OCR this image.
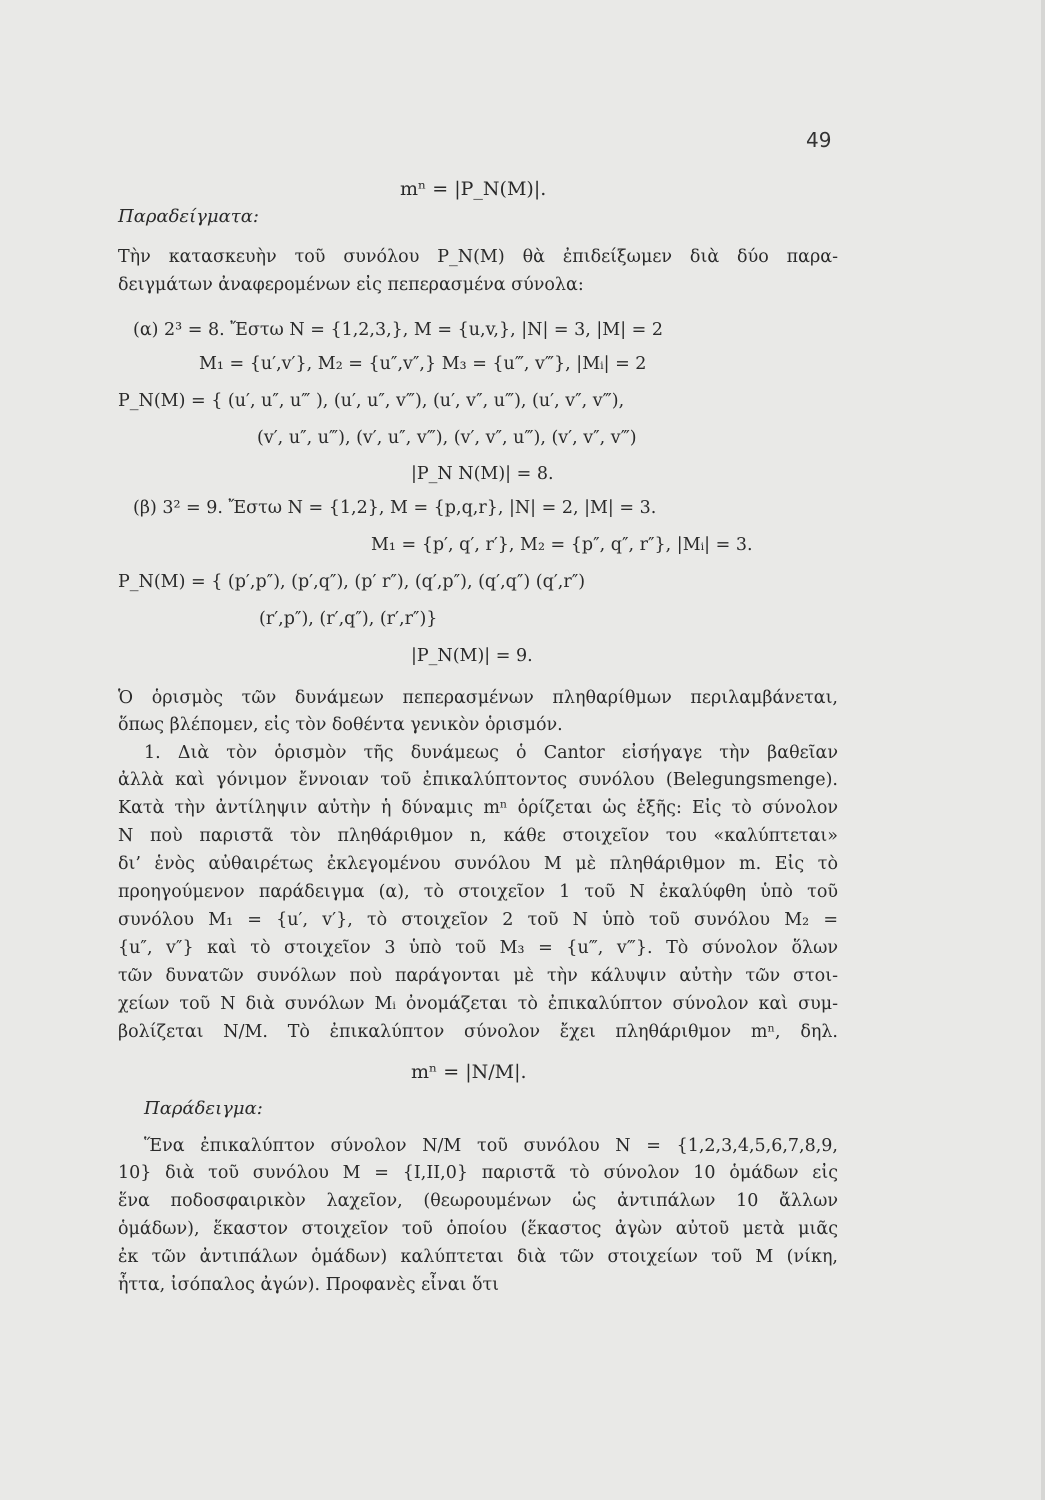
49
mⁿ = |P_N(M)|.
Παραδείγματα:
Τὴν κατασκευὴν τοῦ συνόλου P_N(M) θὰ ἐπιδείξωμεν διὰ δύο παρα-
δειγμάτων ἀναφερομένων εἰς πεπερασμένα σύνολα:
(α) 2³ = 8. Ἔστω N = {1,2,3,}, M = {u,v,}, |N| = 3, |M| = 2
M₁ = {u′,v′}, M₂ = {u″,v″,} M₃ = {u‴, v‴}, |Mᵢ| = 2
P_N(M) = { (u′, u″, u‴ ), (u′, u″, v‴), (u′, v″, u‴), (u′, v″, v‴),
(v′, u″, u‴), (v′, u″, v‴), (v′, v″, u‴), (v′, v″, v‴)
|P_N N(M)| = 8.
(β) 3² = 9. Ἔστω N = {1,2}, M = {p,q,r}, |N| = 2, |M| = 3.
M₁ = {p′, q′, r′}, M₂ = {p″, q″, r″}, |Mᵢ| = 3.
P_N(M) = { (p′,p″), (p′,q″), (p′ r″), (q′,p″), (q′,q″) (q′,r″)
(r′,p″), (r′,q″), (r′,r″)}
|P_N(M)| = 9.
Ὁ ὁρισμὸς τῶν δυνάμεων πεπερασμένων πληθαρίθμων περιλαμβάνεται,
ὅπως βλέπομεν, εἰς τὸν δοθέντα γενικὸν ὁρισμόν.
1. Διὰ τὸν ὁρισμὸν τῆς δυνάμεως ὁ Cantor εἰσήγαγε τὴν βαθεῖαν
ἀλλὰ καὶ γόνιμον ἔννοιαν τοῦ ἐπικαλύπτοντος συνόλου (Belegungsmenge).
Κατὰ τὴν ἀντίληψιν αὐτὴν ἡ δύναμις mⁿ ὁρίζεται ὡς ἑξῆς: Εἰς τὸ σύνολον
N ποὺ παριστᾶ τὸν πληθάριθμον n, κάθε στοιχεῖον του «καλύπτεται»
δι’ ἑνὸς αὐθαιρέτως ἐκλεγομένου συνόλου M μὲ πληθάριθμον m. Εἰς τὸ
προηγούμενον παράδειγμα (α), τὸ στοιχεῖον 1 τοῦ N ἐκαλύφθη ὑπὸ τοῦ
συνόλου M₁ = {u′, v′}, τὸ στοιχεῖον 2 τοῦ N ὑπὸ τοῦ συνόλου M₂ =
{u″, v″} καὶ τὸ στοιχεῖον 3 ὑπὸ τοῦ M₃ = {u‴, v‴}. Τὸ σύνολον ὅλων
τῶν δυνατῶν συνόλων ποὺ παράγονται μὲ τὴν κάλυψιν αὐτὴν τῶν στοι-
χείων τοῦ N διὰ συνόλων Mᵢ ὀνομάζεται τὸ ἐπικαλύπτον σύνολον καὶ συμ-
βολίζεται N/M. Τὸ ἐπικαλύπτον σύνολον ἔχει πληθάριθμον mⁿ, δηλ.
mⁿ = |N/M|.
Παράδειγμα:
Ἕνα ἐπικαλύπτον σύνολον N/M τοῦ συνόλου N = {1,2,3,4,5,6,7,8,9,
10} διὰ τοῦ συνόλου M = {I,II,0} παριστᾶ τὸ σύνολον 10 ὁμάδων εἰς
ἕνα ποδοσφαιρικὸν λαχεῖον, (θεωρουμένων ὡς ἀντιπάλων 10 ἄλλων
ὁμάδων), ἕκαστον στοιχεῖον τοῦ ὁποίου (ἕκαστος ἀγὼν αὐτοῦ μετὰ μιᾶς
ἐκ τῶν ἀντιπάλων ὁμάδων) καλύπτεται διὰ τῶν στοιχείων τοῦ M (νίκη,
ἧττα, ἰσόπαλος ἀγών). Προφανὲς εἶναι ὅτι
